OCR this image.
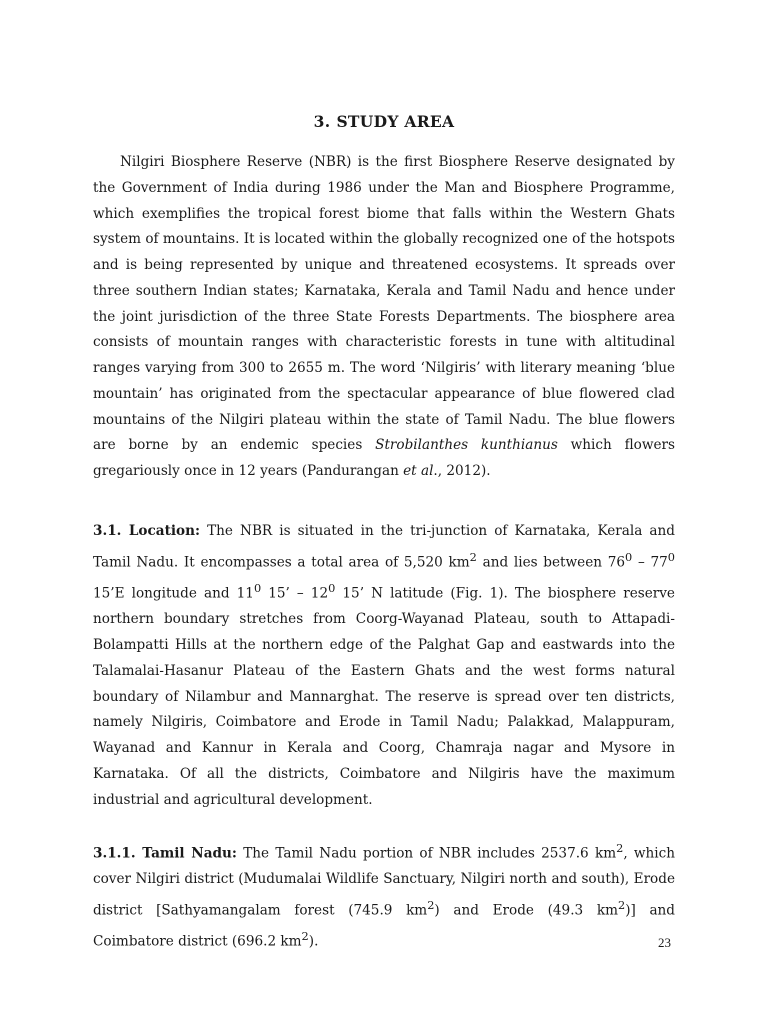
3. STUDY AREA
Nilgiri Biosphere Reserve (NBR) is the first Biosphere Reserve designated by the Government of India during 1986 under the Man and Biosphere Programme, which exemplifies the tropical forest biome that falls within the Western Ghats system of mountains. It is located within the globally recognized one of the hotspots and is being represented by unique and threatened ecosystems. It spreads over three southern Indian states; Karnataka, Kerala and Tamil Nadu and hence under the joint jurisdiction of the three State Forests Departments. The biosphere area consists of mountain ranges with characteristic forests in tune with altitudinal ranges varying from 300 to 2655 m. The word ‘Nilgiris’ with literary meaning ‘blue mountain’ has originated from the spectacular appearance of blue flowered clad mountains of the Nilgiri plateau within the state of Tamil Nadu. The blue flowers are borne by an endemic species Strobilanthes kunthianus which flowers gregariously once in 12 years (Pandurangan et al., 2012).
3.1. Location: The NBR is situated in the tri-junction of Karnataka, Kerala and Tamil Nadu. It encompasses a total area of 5,520 $km^2$ and lies between $76^0 - 77^0$ 15’E longitude and $11^0$ 15’ – $12^0$ 15’ N latitude (Fig. 1). The biosphere reserve northern boundary stretches from Coorg-Wayanad Plateau, south to Attapadi- Bolampatti Hills at the northern edge of the Palghat Gap and eastwards into the Talamalai-Hasanur Plateau of the Eastern Ghats and the west forms natural boundary of Nilambur and Mannarghat. The reserve is spread over ten districts, namely Nilgiris, Coimbatore and Erode in Tamil Nadu; Palakkad, Malappuram, Wayanad and Kannur in Kerala and Coorg, Chamraja nagar and Mysore in Karnataka. Of all the districts, Coimbatore and Nilgiris have the maximum industrial and agricultural development.
3.1.1. Tamil Nadu: The Tamil Nadu portion of NBR includes 2537.6 $km^2$, which cover Nilgiri district (Mudumalai Wildlife Sanctuary, Nilgiri north and south), Erode district [Sathyamangalam forest (745.9 $km^2$) and Erode (49.3 $km^2$)] and Coimbatore district (696.2 $km^2$).	23
